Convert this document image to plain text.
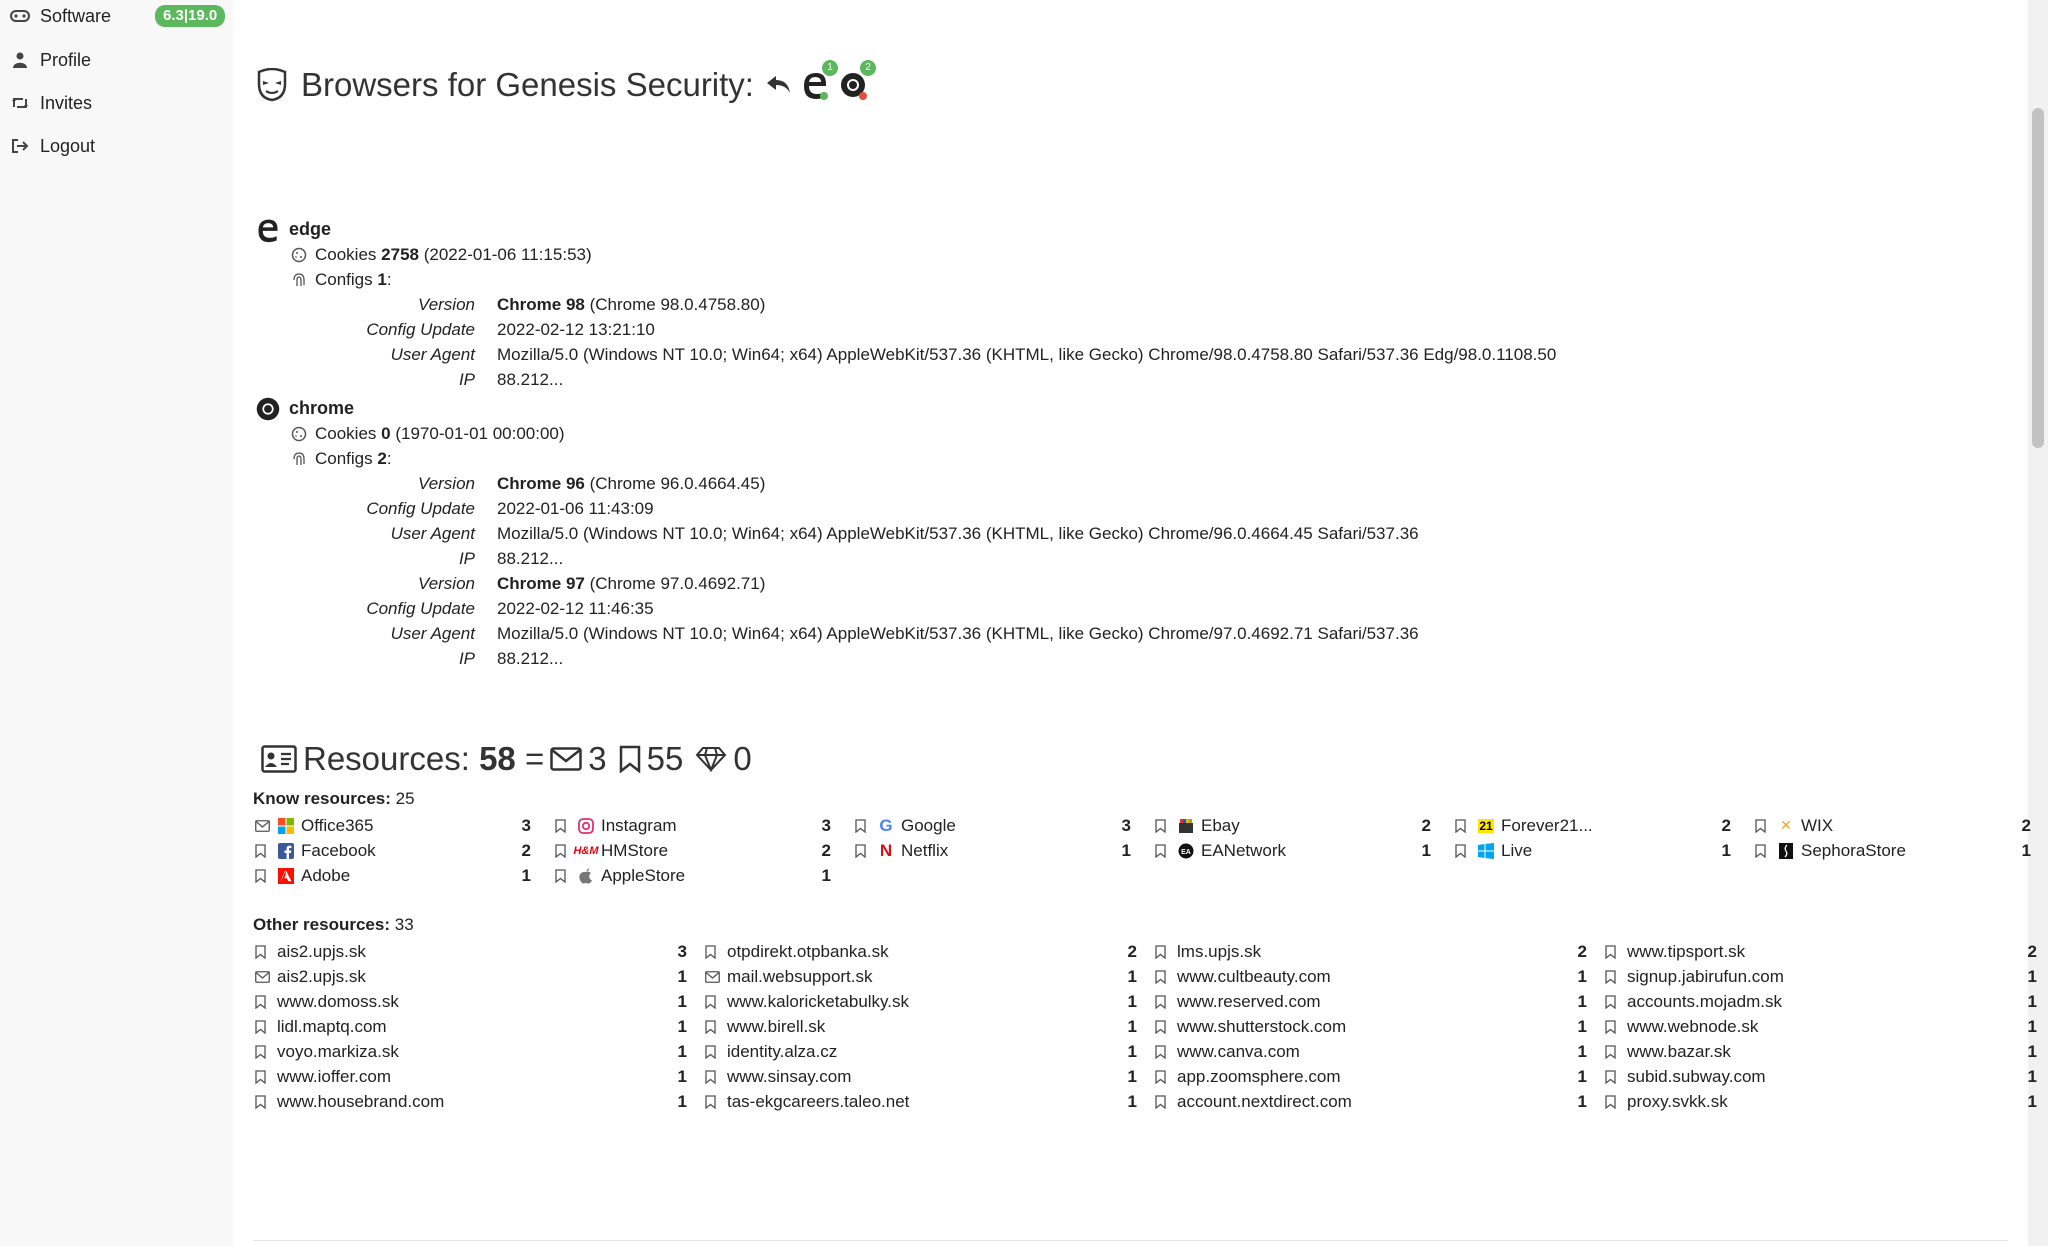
Software	6.3|19.0
Profile
Invites
Logout
Browsers for Genesis Security:	1	2
edge
Cookies
2758
(2022-01-06 11:15:53)
Configs
1 :
Version	Chrome 98 (Chrome 98.0.4758.80)
Config Update	2022-02-12 13:21:10
User Agent	Mozilla/5.0 (Windows NT 10.0; Win64; x64) AppleWebKit/537.36 (KHTML, like Gecko) Chrome/98.0.4758.80 Safari/537.36 Edg/98.0.1108.50
IP	88.212...
chrome
Cookies
0
(1970-01-01 00:00:00)
Configs
2 :
Version	Chrome 96 (Chrome 96.0.4664.45)
Config Update	2022-01-06 11:43:09
User Agent	Mozilla/5.0 (Windows NT 10.0; Win64; x64) AppleWebKit/537.36 (KHTML, like Gecko) Chrome/96.0.4664.45 Safari/537.36
IP	88.212...
Version	Chrome 97 (Chrome 97.0.4692.71)
Config Update	2022-02-12 11:46:35
User Agent	Mozilla/5.0 (Windows NT 10.0; Win64; x64) AppleWebKit/537.36 (KHTML, like Gecko) Chrome/97.0.4692.71 Safari/537.36
IP	88.212...
Resources:
58
= 3 55 0
Know resources: 25
Office365	3	Instagram	3	G Google	3	Ebay	2	21 Forever21...	2	✕ WIX	2
Facebook	2	H&M HMStore	2	N Netflix	1	EA EANetwork	1	Live	1	SephoraStore	1
Adobe	1	AppleStore	1
Other resources: 33
ais2.upjs.sk	3 otpdirekt.otpbanka.sk	2 lms.upjs.sk	2 www.tipsport.sk	2
ais2.upjs.sk	1 mail.websupport.sk	1 www.cultbeauty.com	1 signup.jabirufun.com	1
www.domoss.sk	1 www.kaloricketabulky.sk	1 www.reserved.com	1 accounts.mojadm.sk	1
lidl.maptq.com	1 www.birell.sk	1 www.shutterstock.com	1 www.webnode.sk	1
voyo.markiza.sk	1 identity.alza.cz	1 www.canva.com	1 www.bazar.sk	1
www.ioffer.com	1 www.sinsay.com	1 app.zoomsphere.com	1 subid.subway.com	1
www.housebrand.com	1 tas-ekgcareers.taleo.net	1 account.nextdirect.com	1 proxy.svkk.sk	1
